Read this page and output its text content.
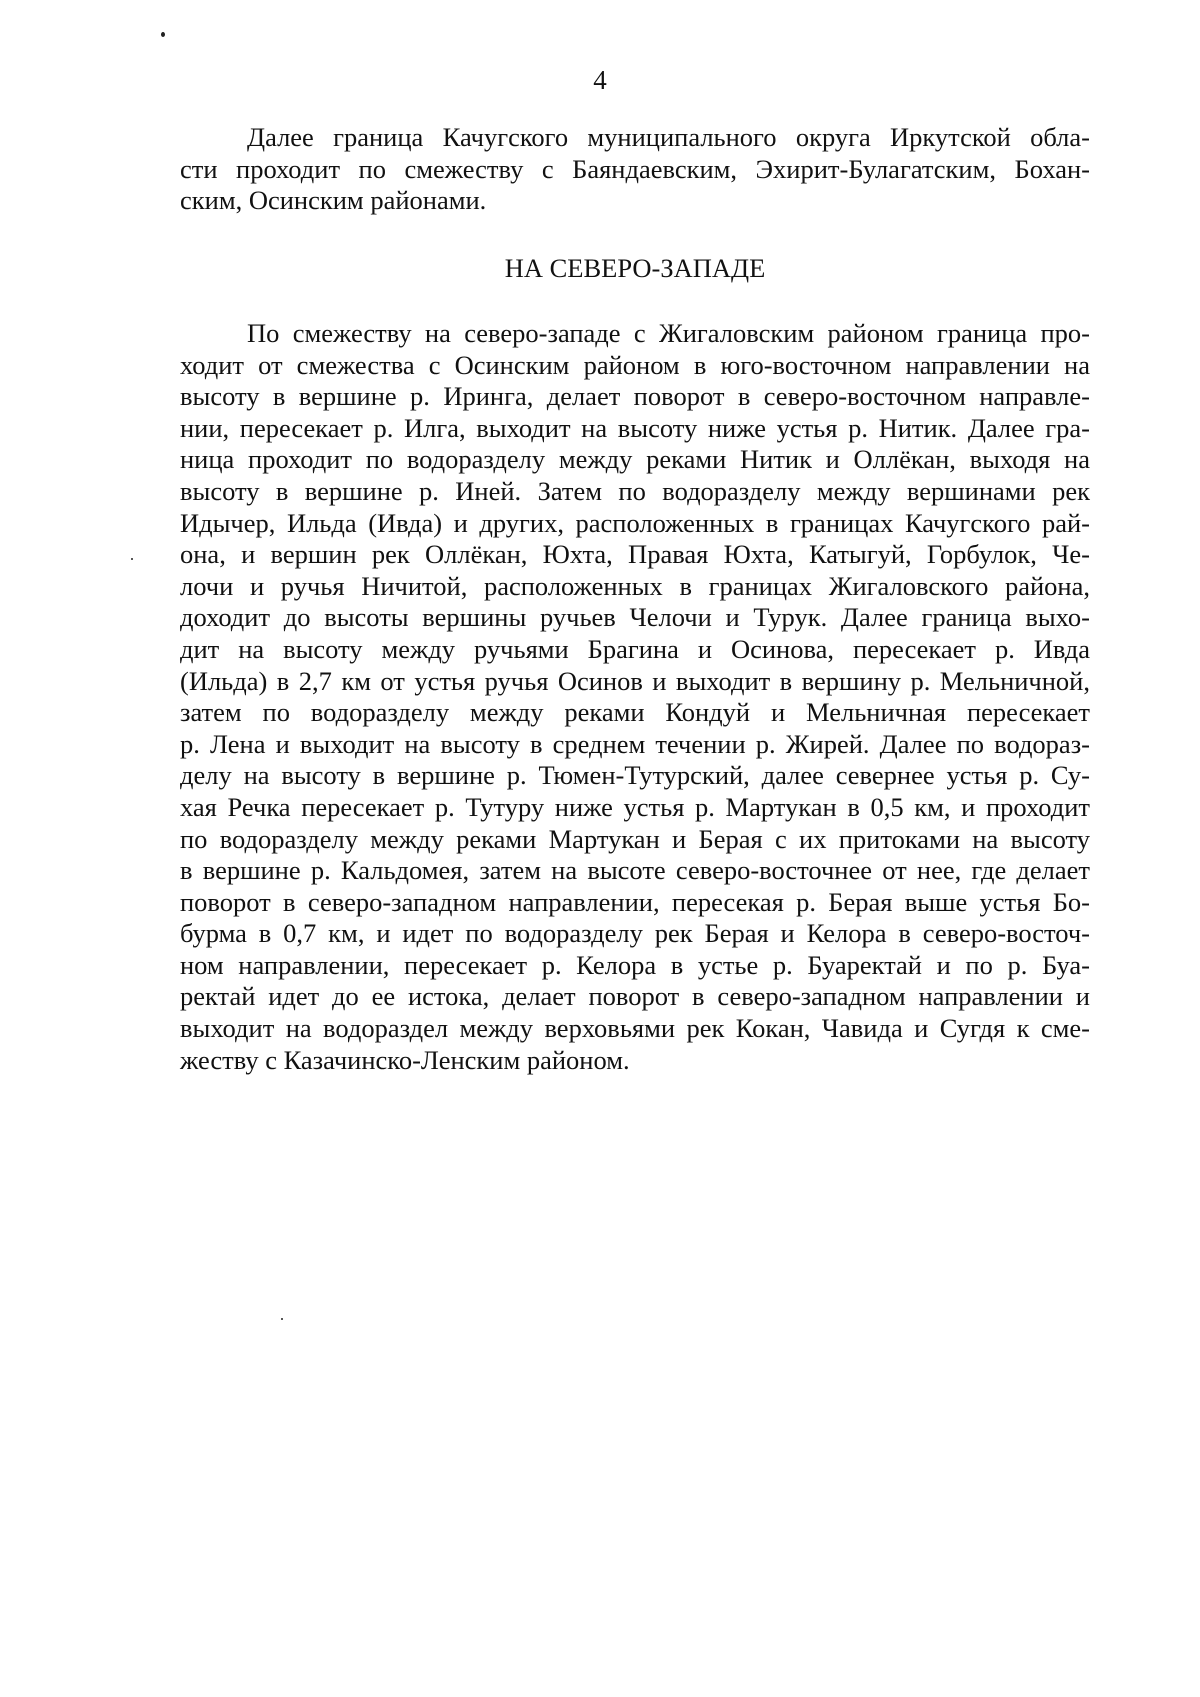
4
Далее граница Качугского муниципального округа Иркутской обла-
сти проходит по смежеству с Баяндаевским, Эхирит-Булагатским, Бохан-
ским, Осинским районами.
НА СЕВЕРО-ЗАПАДЕ
По смежеству на северо-западе с Жигаловским районом граница про-
ходит от смежества с Осинским районом в юго-восточном направлении на
высоту в вершине р. Иринга, делает поворот в северо-восточном направле-
нии, пересекает р. Илга, выходит на высоту ниже устья р. Нитик. Далее гра-
ница проходит по водоразделу между реками Нитик и Оллёкан, выходя на
высоту в вершине р. Иней. Затем по водоразделу между вершинами рек
Идычер, Ильда (Ивда) и других, расположенных в границах Качугского рай-
она, и вершин рек Оллёкан, Юхта, Правая Юхта, Катыгуй, Горбулок, Че-
лочи и ручья Ничитой, расположенных в границах Жигаловского района,
доходит до высоты вершины ручьев Челочи и Турук. Далее граница выхо-
дит на высоту между ручьями Брагина и Осинова, пересекает р. Ивда
(Ильда) в 2,7 км от устья ручья Осинов и выходит в вершину р. Мельничной,
затем по водоразделу между реками Кондуй и Мельничная пересекает
р. Лена и выходит на высоту в среднем течении р. Жирей. Далее по водораз-
делу на высоту в вершине р. Тюмен-Тутурский, далее севернее устья р. Су-
хая Речка пересекает р. Тутуру ниже устья р. Мартукан в 0,5 км, и проходит
по водоразделу между реками Мартукан и Берая с их притоками на высоту
в вершине р. Кальдомея, затем на высоте северо-восточнее от нее, где делает
поворот в северо-западном направлении, пересекая р. Берая выше устья Бо-
бурма в 0,7 км, и идет по водоразделу рек Берая и Келора в северо-восточ-
ном направлении, пересекает р. Келора в устье р. Буаректай и по р. Буа-
ректай идет до ее истока, делает поворот в северо-западном направлении и
выходит на водораздел между верховьями рек Кокан, Чавида и Сугдя к сме-
жеству с Казачинско-Ленским районом.
